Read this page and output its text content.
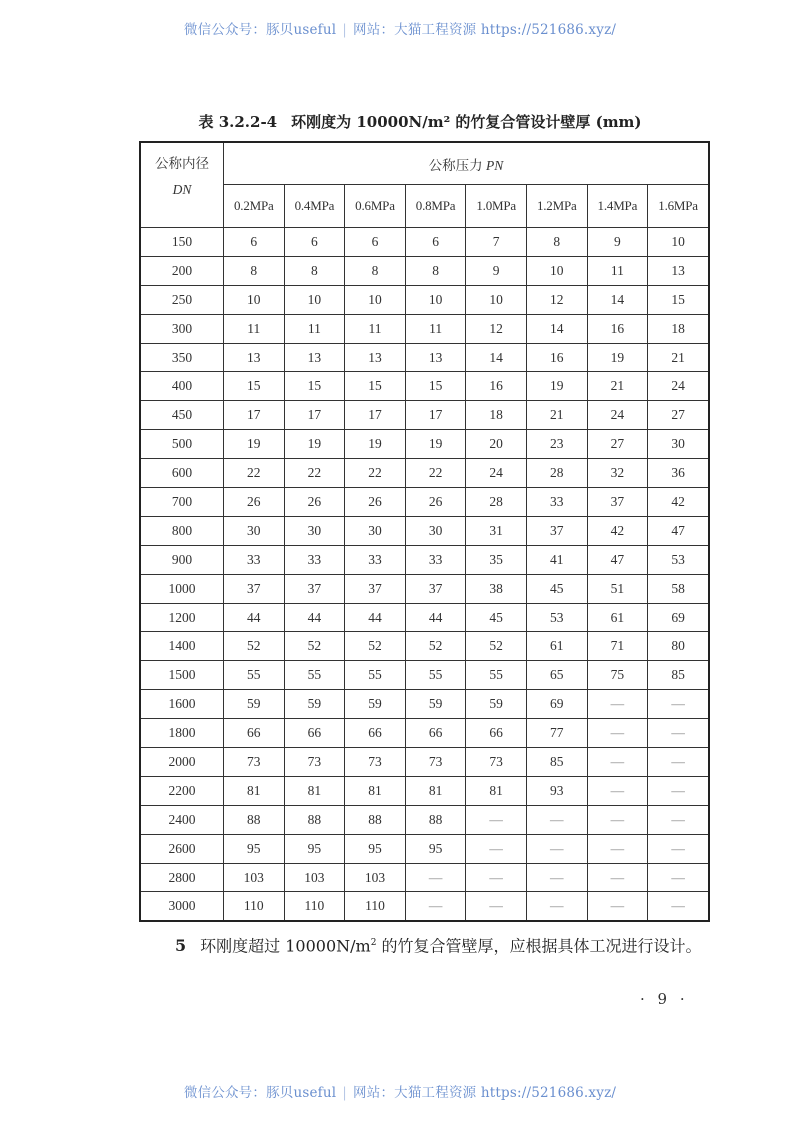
微信公众号：豚贝useful | 网站：大猫工程资源 https://521686.xyz/
表 3.2.2-4 环刚度为 10000N/m² 的竹复合管设计壁厚 (mm)
公称内径
DN	公称压力 PN							
	0.2MPa	0.4MPa	0.6MPa	0.8MPa	1.0MPa	1.2MPa	1.4MPa	1.6MPa
150	6	6	6	6	7	8	9	10
200	8	8	8	8	9	10	11	13
250	10	10	10	10	10	12	14	15
300	11	11	11	11	12	14	16	18
350	13	13	13	13	14	16	19	21
400	15	15	15	15	16	19	21	24
450	17	17	17	17	18	21	24	27
500	19	19	19	19	20	23	27	30
600	22	22	22	22	24	28	32	36
700	26	26	26	26	28	33	37	42
800	30	30	30	30	31	37	42	47
900	33	33	33	33	35	41	47	53
1000	37	37	37	37	38	45	51	58
1200	44	44	44	44	45	53	61	69
1400	52	52	52	52	52	61	71	80
1500	55	55	55	55	55	65	75	85
1600	59	59	59	59	59	69	—	—
1800	66	66	66	66	66	77	—	—
2000	73	73	73	73	73	85	—	—
2200	81	81	81	81	81	93	—	—
2400	88	88	88	88	—	—	—	—
2600	95	95	95	95	—	—	—	—
2800	103	103	103	—	—	—	—	—
3000	110	110	110	—	—	—	—	—
5 环刚度超过 $10000N/m^2$ 的竹复合管壁厚，应根据具体工况进行设计。
· 9 ·
微信公众号：豚贝useful | 网站：大猫工程资源 https://521686.xyz/
